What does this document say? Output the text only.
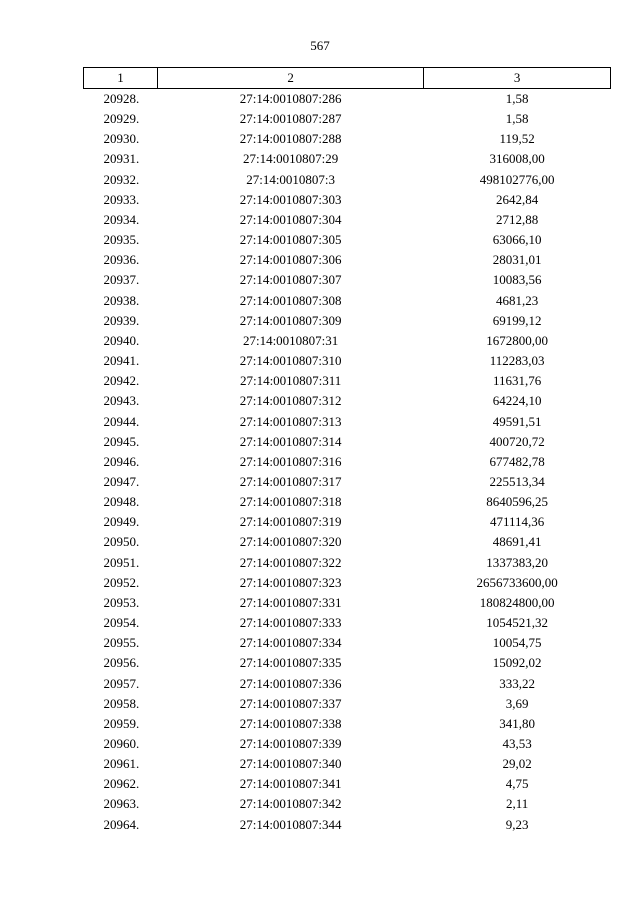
567
1	2	3
20928.	27:14:0010807:286	1,58
20929.	27:14:0010807:287	1,58
20930.	27:14:0010807:288	119,52
20931.	27:14:0010807:29	316008,00
20932.	27:14:0010807:3	498102776,00
20933.	27:14:0010807:303	2642,84
20934.	27:14:0010807:304	2712,88
20935.	27:14:0010807:305	63066,10
20936.	27:14:0010807:306	28031,01
20937.	27:14:0010807:307	10083,56
20938.	27:14:0010807:308	4681,23
20939.	27:14:0010807:309	69199,12
20940.	27:14:0010807:31	1672800,00
20941.	27:14:0010807:310	112283,03
20942.	27:14:0010807:311	11631,76
20943.	27:14:0010807:312	64224,10
20944.	27:14:0010807:313	49591,51
20945.	27:14:0010807:314	400720,72
20946.	27:14:0010807:316	677482,78
20947.	27:14:0010807:317	225513,34
20948.	27:14:0010807:318	8640596,25
20949.	27:14:0010807:319	471114,36
20950.	27:14:0010807:320	48691,41
20951.	27:14:0010807:322	1337383,20
20952.	27:14:0010807:323	2656733600,00
20953.	27:14:0010807:331	180824800,00
20954.	27:14:0010807:333	1054521,32
20955.	27:14:0010807:334	10054,75
20956.	27:14:0010807:335	15092,02
20957.	27:14:0010807:336	333,22
20958.	27:14:0010807:337	3,69
20959.	27:14:0010807:338	341,80
20960.	27:14:0010807:339	43,53
20961.	27:14:0010807:340	29,02
20962.	27:14:0010807:341	4,75
20963.	27:14:0010807:342	2,11
20964.	27:14:0010807:344	9,23
